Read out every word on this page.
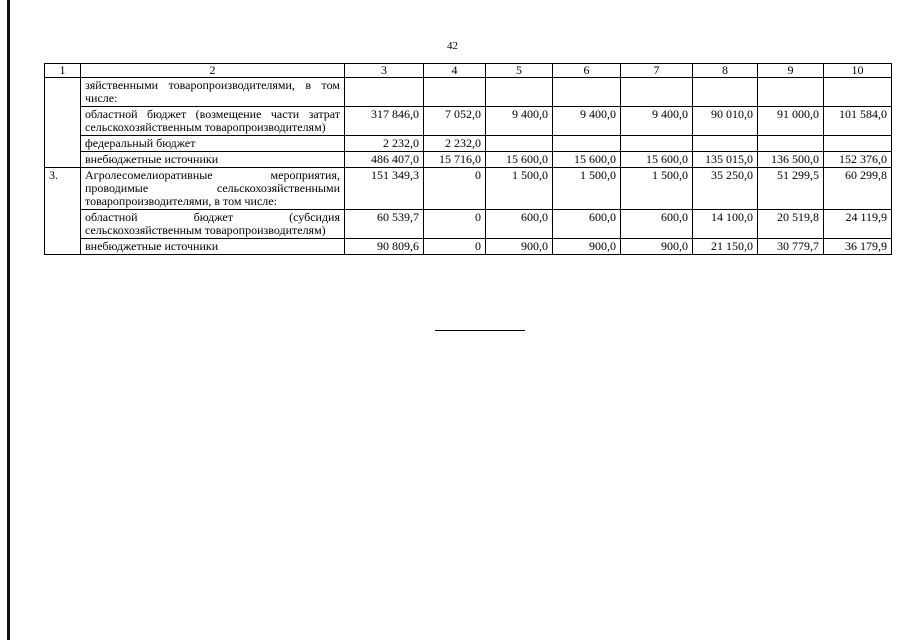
42
1	2	3	4	5	6	7	8	9	10
	зяйственными товаропроизводителями, в том числе:								
	областной бюджет (возмещение части затрат сельскохозяйственным товаропроизводителям)	317 846,0	7 052,0	9 400,0	9 400,0	9 400,0	90 010,0	91 000,0	101 584,0
	федеральный бюджет	2 232,0	2 232,0						
	внебюджетные источники	486 407,0	15 716,0	15 600,0	15 600,0	15 600,0	135 015,0	136 500,0	152 376,0
3.	Агролесомелиоративные мероприятия, проводимые сельскохозяйственными товаропроизводителями, в том числе:	151 349,3	0	1 500,0	1 500,0	1 500,0	35 250,0	51 299,5	60 299,8
	областной бюджет (субсидия сельскохозяйственным товаропроизводителям)	60 539,7	0	600,0	600,0	600,0	14 100,0	20 519,8	24 119,9
	внебюджетные источники	90 809,6	0	900,0	900,0	900,0	21 150,0	30 779,7	36 179,9
